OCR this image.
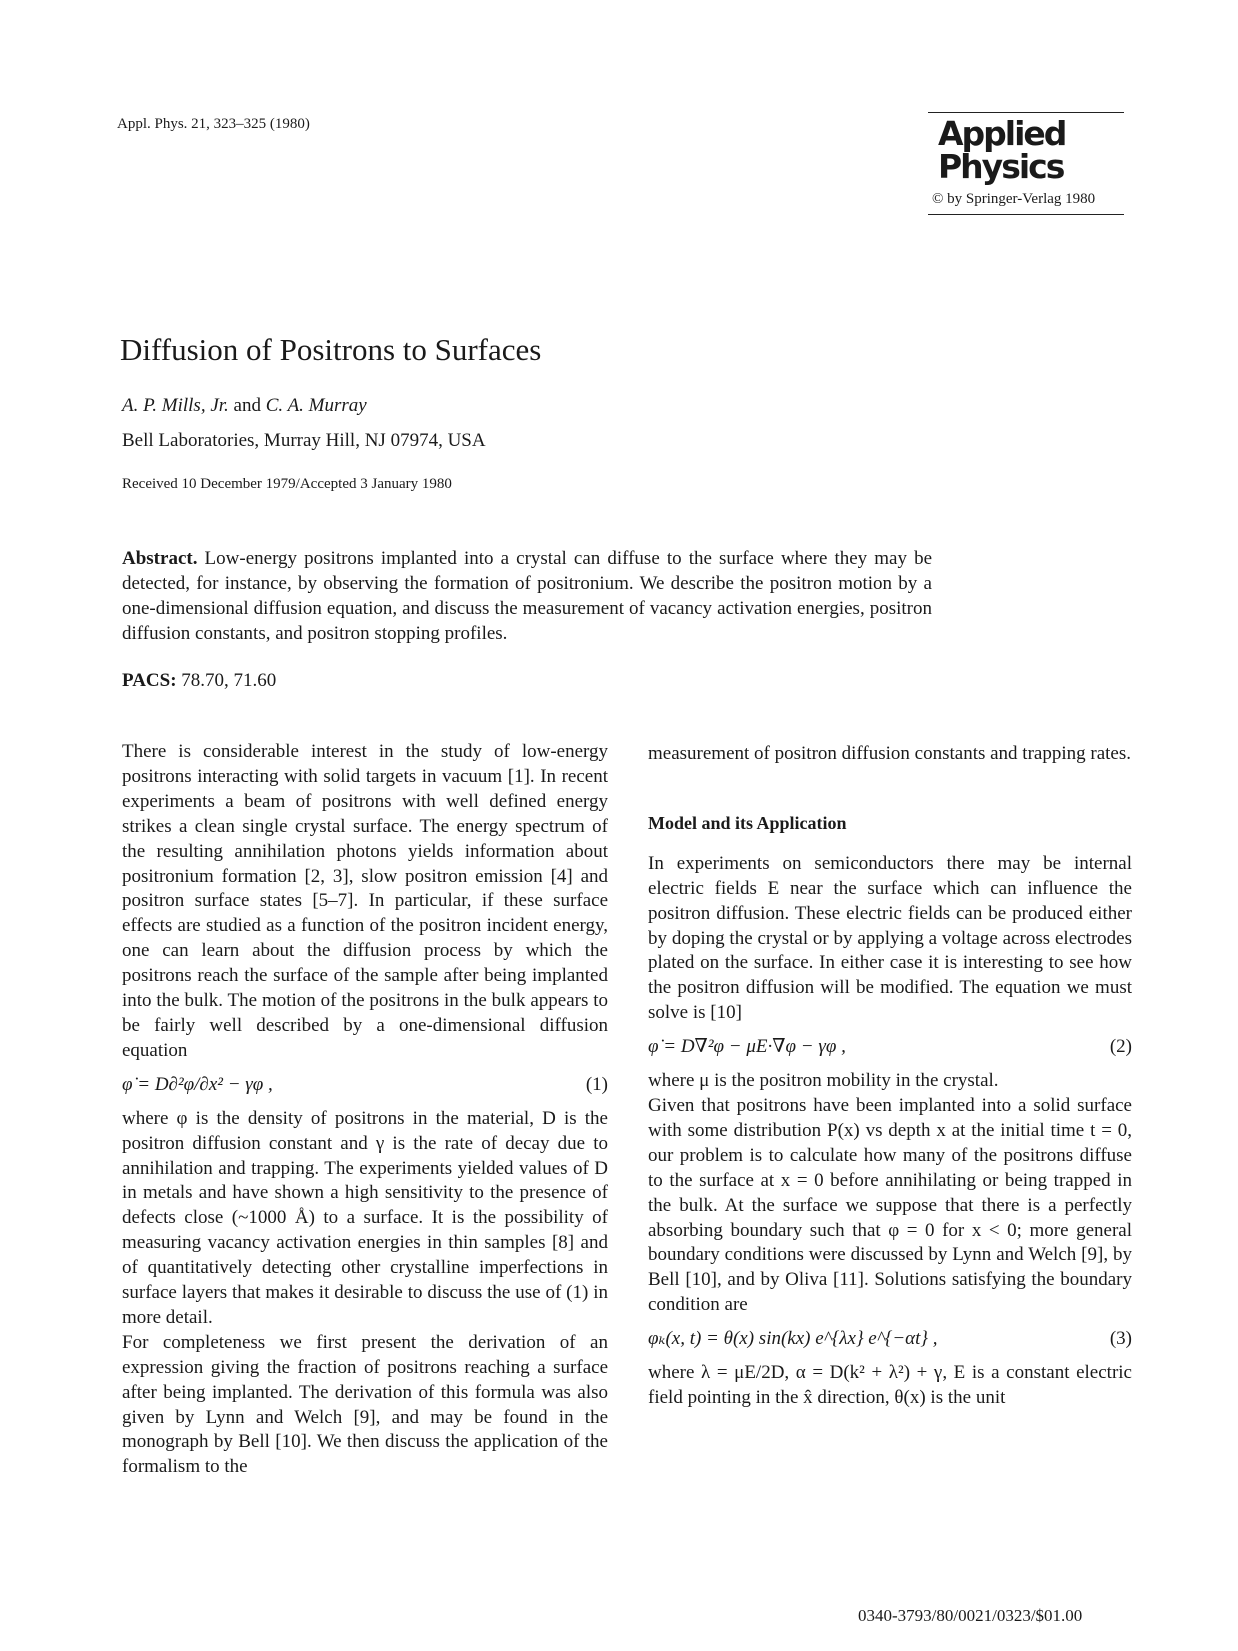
Appl. Phys. 21, 323–325 (1980)	Applied
Physics
© by Springer-Verlag 1980
Diffusion of Positrons to Surfaces
A. P. Mills, Jr. and C. A. Murray
Bell Laboratories, Murray Hill, NJ 07974, USA
Received 10 December 1979/Accepted 3 January 1980
Abstract. Low-energy positrons implanted into a crystal can diffuse to the surface where they may be detected, for instance, by observing the formation of positronium. We describe the positron motion by a one-dimensional diffusion equation, and discuss the measurement of vacancy activation energies, positron diffusion constants, and positron stopping profiles.
PACS: 78.70, 71.60

There is considerable interest in the study of low-energy positrons interacting with solid targets in vacuum [1]. In recent experiments a beam of positrons with well defined energy strikes a clean single crystal surface. The energy spectrum of the resulting annihilation photons yields information about positronium formation [2, 3], slow positron emission [4] and positron surface states [5–7]. In particular, if these surface effects are studied as a function of the positron incident energy, one can learn about the diffusion process by which the positrons reach the surface of the sample after being implanted into the bulk. The motion of the positrons in the bulk appears to be fairly well described by a one-dimensional diffusion equation

φ̇ = D∂²φ/∂x² − γφ ,	(1)

where φ is the density of positrons in the material, D is the positron diffusion constant and γ is the rate of decay due to annihilation and trapping. The experiments yielded values of D in metals and have shown a high sensitivity to the presence of defects close (~1000 Å) to a surface. It is the possibility of measuring vacancy activation energies in thin samples [8] and of quantitatively detecting other crystalline imperfections in surface layers that makes it desirable to discuss the use of (1) in more detail.

For completeness we first present the derivation of an expression giving the fraction of positrons reaching a surface after being implanted. The derivation of this formula was also given by Lynn and Welch [9], and may be found in the monograph by Bell [10]. We then discuss the application of the formalism to the

measurement of positron diffusion constants and trapping rates.

Model and its Application

In experiments on semiconductors there may be internal electric fields E near the surface which can influence the positron diffusion. These electric fields can be produced either by doping the crystal or by applying a voltage across electrodes plated on the surface. In either case it is interesting to see how the positron diffusion will be modified. The equation we must solve is [10]

φ̇ = D∇²φ − μE·∇φ − γφ ,	(2)

where μ is the positron mobility in the crystal.

Given that positrons have been implanted into a solid surface with some distribution P(x) vs depth x at the initial time t = 0, our problem is to calculate how many of the positrons diffuse to the surface at x = 0 before annihilating or being trapped in the bulk. At the surface we suppose that there is a perfectly absorbing boundary such that φ = 0 for x < 0; more general boundary conditions were discussed by Lynn and Welch [9], by Bell [10], and by Oliva [11]. Solutions satisfying the boundary condition are

φₖ(x, t) = θ(x) sin(kx) e^{λx} e^{−αt} ,	(3)

where λ = μE/2D, α = D(k² + λ²) + γ, E is a constant electric field pointing in the x̂ direction, θ(x) is the unit

0340-3793/80/0021/0323/$01.00
